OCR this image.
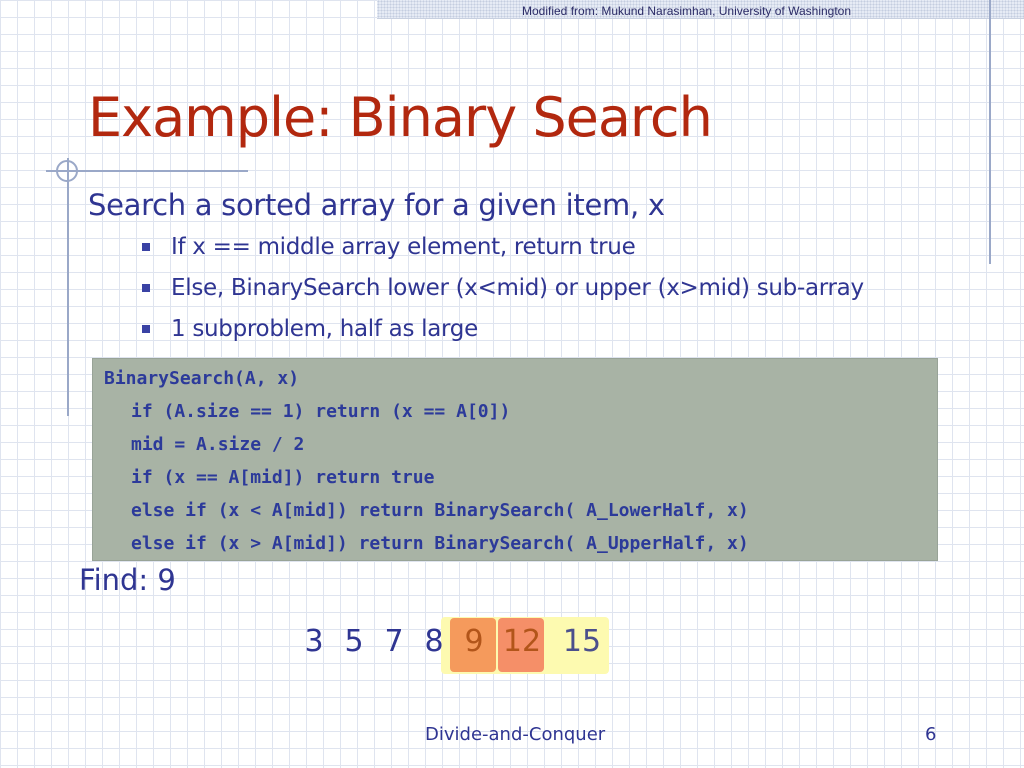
Modified from: Mukund Narasimhan, University of Washington
Example: Binary Search
Search a sorted array for a given item, x
If x == middle array element, return true
Else, BinarySearch lower (x<mid) or upper (x>mid) sub-array
1 subproblem, half as large
BinarySearch(A, x)
if (A.size == 1) return (x == A[0])
mid = A.size / 2
if (x == A[mid]) return true
else if (x < A[mid]) return BinarySearch( A_LowerHalf, x)
else if (x > A[mid]) return BinarySearch( A_UpperHalf, x)
Find: 9
3 5 7 8 9 12 15
Divide-and-Conquer	6
